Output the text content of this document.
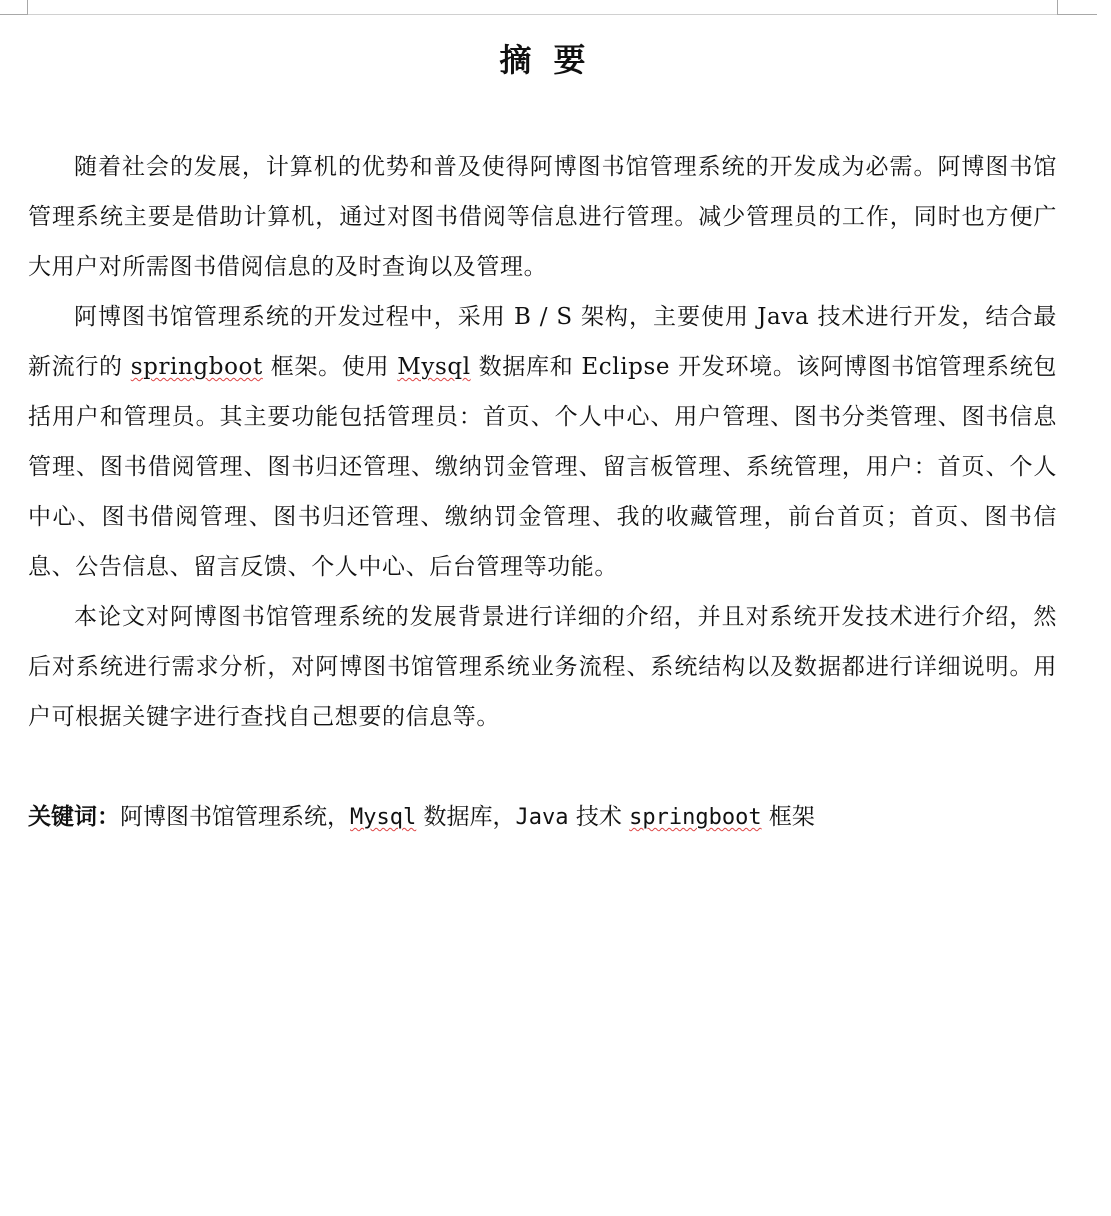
摘要

随着社会的发展，计算机的优势和普及使得阿博图书馆管理系统的开发成为必需。阿博图书馆管理系统主要是借助计算机，通过对图书借阅等信息进行管理。减少管理员的工作，同时也方便广大用户对所需图书借阅信息的及时查询以及管理。

阿博图书馆管理系统的开发过程中，采用 B / S 架构，主要使用 Java 技术进行开发，结合最新流行的 springboot 框架。使用 Mysql 数据库和 Eclipse 开发环境。该阿博图书馆管理系统包括用户和管理员。其主要功能包括管理员：首页、个人中心、用户管理、图书分类管理、图书信息管理、图书借阅管理、图书归还管理、缴纳罚金管理、留言板管理、系统管理，用户：首页、个人中心、图书借阅管理、图书归还管理、缴纳罚金管理、我的收藏管理，前台首页；首页、图书信息、公告信息、留言反馈、个人中心、后台管理等功能。

本论文对阿博图书馆管理系统的发展背景进行详细的介绍，并且对系统开发技术进行介绍，然后对系统进行需求分析，对阿博图书馆管理系统业务流程、系统结构以及数据都进行详细说明。用户可根据关键字进行查找自己想要的信息等。

关键词：阿博图书馆管理系统，Mysql 数据库，Java 技术 springboot 框架
